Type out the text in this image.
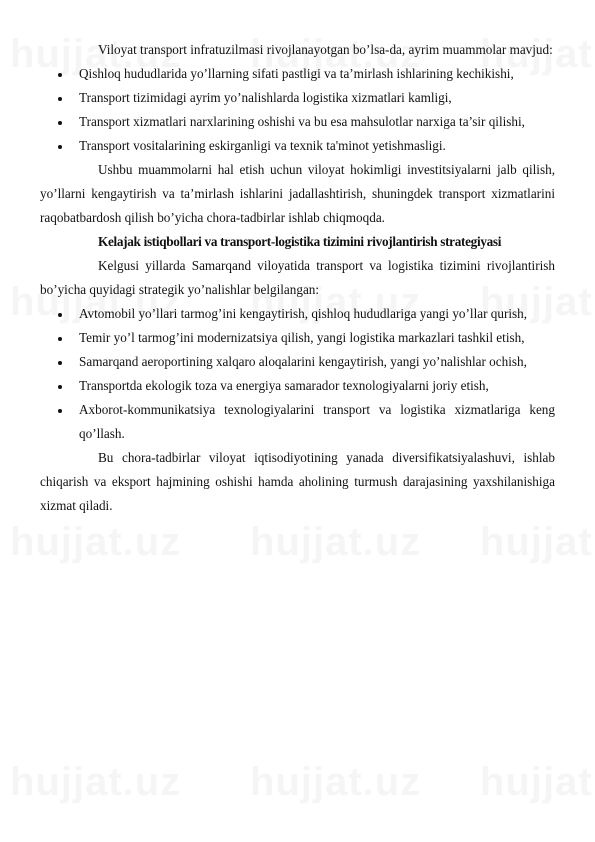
Viloyat transport infratuzilmasi rivojlanayotgan bo’lsa-da, ayrim muammolar mavjud:

Qishloq hududlarida yo’llarning sifati pastligi va ta’mirlash ishlarining kechikishi,
Transport tizimidagi ayrim yo’nalishlarda logistika xizmatlari kamligi,
Transport xizmatlari narxlarining oshishi va bu esa mahsulotlar narxiga ta’sir qilishi,
Transport vositalarining eskirganligi va texnik ta'minot yetishmasligi.

Ushbu muammolarni hal etish uchun viloyat hokimligi investitsiyalarni jalb qilish, yo’llarni kengaytirish va ta’mirlash ishlarini jadallashtirish, shuningdek transport xizmatlarini raqobatbardosh qilish bo’yicha chora-tadbirlar ishlab chiqmoqda.

Kelajak istiqbollari va transport-logistika tizimini rivojlantirish strategiyasi

Kelgusi yillarda Samarqand viloyatida transport va logistika tizimini rivojlantirish bo’yicha quyidagi strategik yo’nalishlar belgilangan:

Avtomobil yo’llari tarmog’ini kengaytirish, qishloq hududlariga yangi yo’llar qurish,
Temir yo’l tarmog’ini modernizatsiya qilish, yangi logistika markazlari tashkil etish,
Samarqand aeroportining xalqaro aloqalarini kengaytirish, yangi yo’nalishlar ochish,
Transportda ekologik toza va energiya samarador texnologiyalarni joriy etish,
Axborot-kommunikatsiya texnologiyalarini transport va logistika xizmatlariga keng qo’llash.

Bu chora-tadbirlar viloyat iqtisodiyotining yanada diversifikatsiyalashuvi, ishlab chiqarish va eksport hajmining oshishi hamda aholining turmush darajasining yaxshilanishiga xizmat qiladi.
